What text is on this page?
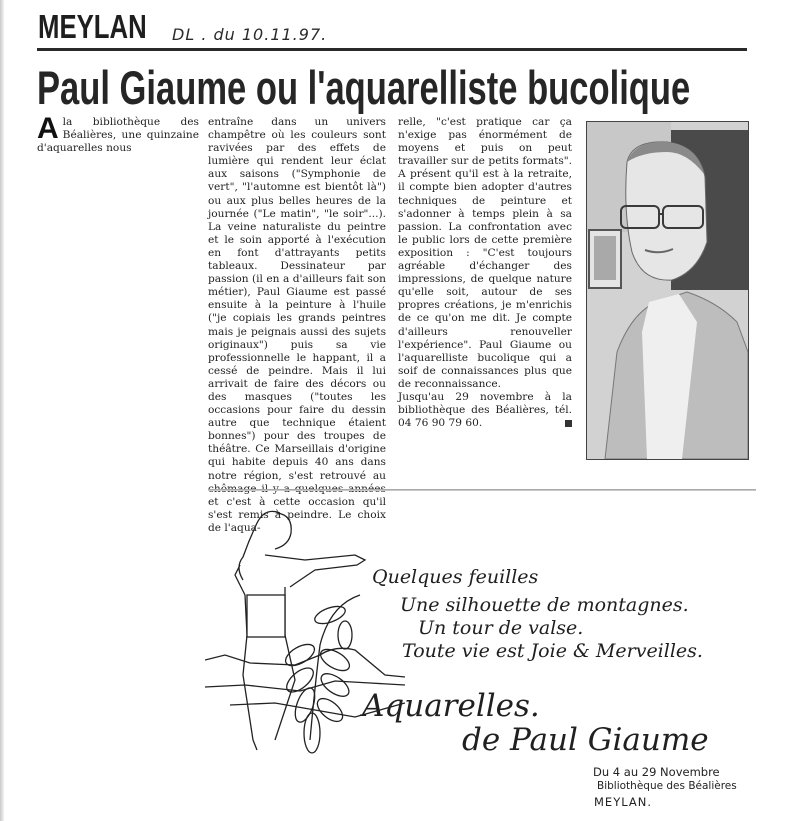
MEYLAN DL . du 10.11.97.
Paul Giaume ou l'aquarelliste bucolique
A la bibliothèque des Béalières, une quinzaine d'aquarelles nous

entraîne dans un univers champêtre où les couleurs sont ravivées par des effets de lumière qui rendent leur éclat aux saisons ("Symphonie de vert", "l'automne est bientôt là") ou aux plus belles heures de la journée ("Le matin", "le soir"...). La veine naturaliste du peintre et le soin apporté à l'exécution en font d'attrayants petits tableaux. Dessinateur par passion (il en a d'ailleurs fait son métier), Paul Giaume est passé ensuite à la peinture à l'huile ("je copiais les grands peintres mais je peignais aussi des sujets originaux") puis sa vie professionnelle le happant, il a cessé de peindre. Mais il lui arrivait de faire des décors ou des masques ("toutes les occasions pour faire du dessin autre que technique étaient bonnes") pour des troupes de théâtre. Ce Marseillais d'origine qui habite depuis 40 ans dans notre région, s'est retrouvé au et c'est à cette occasion qu'il s'est remis à peindre. Le choix de l'aqua-

relle, "c'est pratique car ça n'exige pas énormément de moyens et puis on peut travailler sur de petits formats". A présent qu'il est à la retraite, il compte bien adopter d'autres techniques de peinture et s'adonner à temps plein à sa passion. La confrontation avec le public lors de cette première exposition : "C'est toujours agréable d'échanger des impressions, de quelque nature qu'elle soit, autour de ses propres créations, je m'enrichis de ce qu'on me dit. Je compte d'ailleurs renouveller l'expérience". Paul Giaume ou l'aquarelliste bucolique qui a soif de connaissances plus que de reconnaissance.

Jusqu'au 29 novembre à la bibliothèque des Béalières, tél. 04 76 90 79 60.

Quelques feuilles
Une silhouette de montagnes.
Un tour de valse.
Toute vie est Joie & Merveilles.
Aquarelles.
de Paul Giaume
Du 4 au 29 Novembre
Bibliothèque des Béalières
MEYLAN.
